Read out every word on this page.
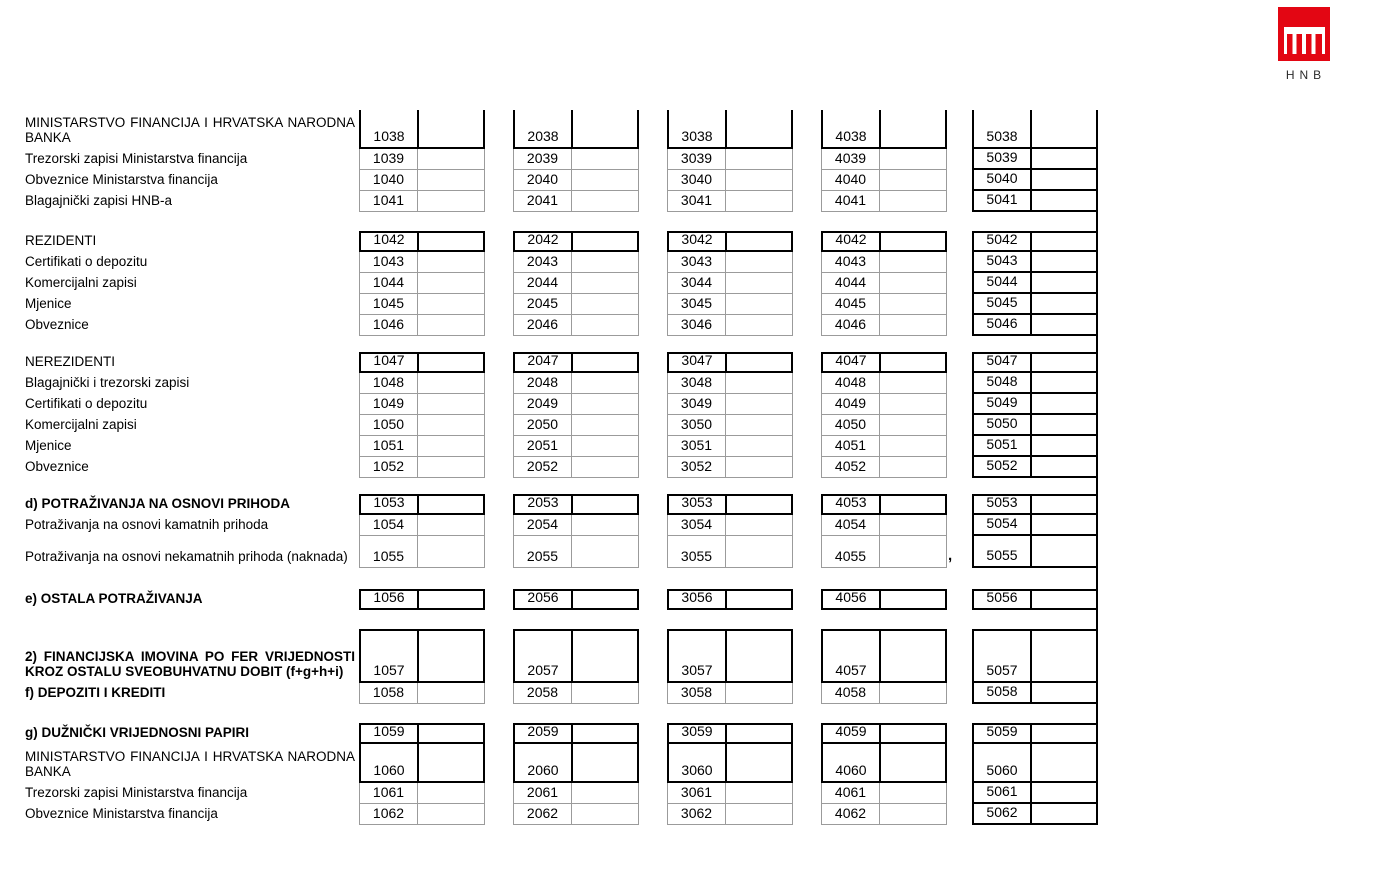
HNB
MINISTARSTVO FINANCIJA I HRVATSKA NARODNA BANKA	1038	2038	3038	4038	5038
Trezorski zapisi Ministarstva financija	1039	2039	3039	4039	5039
Obveznice Ministarstva financija	1040	2040	3040	4040	5040
Blagajnički zapisi HNB-a	1041	2041	3041	4041	5041
REZIDENTI	1042	2042	3042	4042	5042
Certifikati o depozitu	1043	2043	3043	4043	5043
Komercijalni zapisi	1044	2044	3044	4044	5044
Mjenice	1045	2045	3045	4045	5045
Obveznice	1046	2046	3046	4046	5046
NEREZIDENTI	1047	2047	3047	4047	5047
Blagajnički i trezorski zapisi	1048	2048	3048	4048	5048
Certifikati o depozitu	1049	2049	3049	4049	5049
Komercijalni zapisi	1050	2050	3050	4050	5050
Mjenice	1051	2051	3051	4051	5051
Obveznice	1052	2052	3052	4052	5052
d) POTRAŽIVANJA NA OSNOVI PRIHODA	1053	2053	3053	4053	5053
Potraživanja na osnovi kamatnih prihoda	1054	2054	3054	4054	5054
Potraživanja na osnovi nekamatnih prihoda (naknada)	1055	2055	3055	4055	5055
e) OSTALA POTRAŽIVANJA	1056	2056	3056	4056	5056
2) FINANCIJSKA IMOVINA PO FER VRIJEDNOSTI KROZ OSTALU SVEOBUHVATNU DOBIT (f+g+h+i)	1057	2057	3057	4057	5057
f) DEPOZITI I KREDITI	1058	2058	3058	4058	5058
g) DUŽNIČKI VRIJEDNOSNI PAPIRI	1059	2059	3059	4059	5059
MINISTARSTVO FINANCIJA I HRVATSKA NARODNA BANKA	1060	2060	3060	4060	5060
Trezorski zapisi Ministarstva financija	1061	2061	3061	4061	5061
Obveznice Ministarstva financija	1062	2062	3062	4062	5062
,
